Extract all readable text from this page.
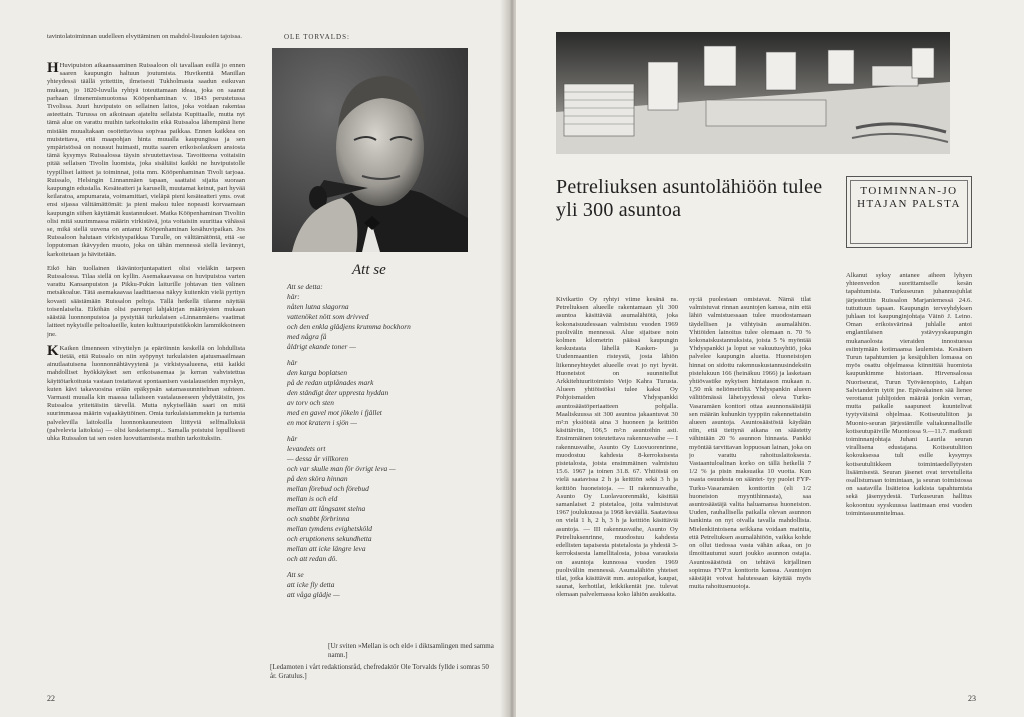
tavintolatoiminnan uudelleen elvyttäminen on mahdol-lisuuksien tajoissa.

H Huvipuiston aikaansaaminen Ruissaloon oli tavallaan esillä jo ennen saaren kaupungin haltuun joutumista. Huvikenttä Manillan yhteydessä täällä yritettiin, ilmeisesti Tukholmasta saadun esikuvan mukaan, jo 1820-luvulla ryhtyä toteuttamaan ideaa, joka on saanut parhaan ilmenemismuotonsa Kööpenhaminan v. 1843 perustetussa Tivolissa. Juuri huvipuisto on sellainen laitos, joka voidaan rakentaa asteettain. Turussa on aikoinaan ajateltu sellaista Kupittaalle, mutta nyt tämä alue on varattu muihin tarkoituksiin eikä Ruissaloa lähempänä liene mistään muualtakaan osoitettavissa sopivaa paikkaa. Ennen kaikkea on muistettava, että maapohjan hinta muualla kaupungissa ja sen ympäristössä on noussut huimasti, mutta saaren erikoisolauksen ansiosta tämä kysymys Ruissalossa täysin sivuutettavissa. Tavoitteena voitaisiin pitää sellaisen Tivolin luomista, joka sisältäisi kaikki ne huvipuistolle tyypilliset laitteet ja toiminnat, joita mm. Kööpenhaminan Tivoli tarjoaa. Ruissalo, Helsingin Linnanmäen tapaan, saattaisi sijaita suoraan kaupungin edustalla. Kesäteatteri ja karuselli, muutamat keinut, pari hyvää keilaratoa, ampumarata, voimamittari, vieläpä pieni kesäteatteri yms. ovat ensi sijassa välttämättömät: ja pieni maksu tulee nopeasti korvaamaan kaupungin siihen käyttämät kustannukset. Matka Kööpenhaminan Tivoliin olisi mitä suurimmassa määrin virkistävä, jota voitaisiin suurittaa vähässä se, mikä siellä uuvena on antanut Kööpenhaminan kesähuvipaikan. Jos Ruissaloon halutaan virkistyspaikkaa Turulle, on välttämätöntä, että -se lopputoman ikävyyden muoto, joka on tähän mennessä siellä levännyt, karkoitetaan ja hävitetään.

Eikö hän tuollainen ikäväntorjuntapatteri olisi vieläkin tarpeen Ruissalossa. Tilaa siellä on kyllin. Asemakaavassa on huvipuistoa varten varattu Kansanpuiston ja Pikku-Pukin laiturille johtavan tien välinen metsäkoalue. Tätä asemakaavaa laadittaessa näkyy kuitenkin vielä pyrityn kovasti säästämään Ruissalon peltoja. Tällä hetkellä tilanne näyttää toisenlaiselta. Eiköhän olisi parempi lahjakirjan määräysten mukaan säästää luonnonpuistoa ja pystyttää turkulaisen »Linnanmäen« vaatimat laitteet nykyisille peltoalueille, kuten kulttuuripuistikkokin lammikkoineen jne.

K Kaiken ilmenneen viivyttelyn ja epäröinnin keskellä on lohdullista tietää, että Ruissalo on niin syöpynyt turkulaisten ajatusmaailmaan ainutlaatuisena luonnonnähtävyytenä ja virkistysalueena, että kaikki mahdolliset hyökkäykset sen erikoisasemaa ja kerran vahvistettua käyttötarkoitusta vastaan tostattavat spontaanisen vastalauseiden myrskyn, kuten kävi takavuosina erään epäkypsän satamasuunnitelman suhteen. Varmasti muualla kin maassa tallaiseen vastalauseeseen yhdyttäisiin, jos Ruissaloa yritettäisiin tärvellä. Mutta nykyisellään saari on mitä suurimmassa määrin vajaakäyttöinen. Omia turkulaisiammekin ja turismia palvelevilla laitoksilla luonnonkauneuteen liittyviä selfmalluksiä (palvelevia laitoksia) — olisi keskeisempi... Samalla poistuisi lopullisesti uhka Ruissalon tai sen osien luovuttamisesta muihin tarkoituksiin.

OLE TORVALDS:
Att se
Att se detta:
här:
nåten lutna slagorna
vattenöket nött som drivved
och den enkla glädjens krumma bockhorn
med några få
åldrigt ekande toner —
här
den karga boplatsen
på de redan utplånades mark
den ständigt åter uppresta hyddan
av torv och sten
med en gavel mot jökeln i fjället
en mot kratern i sjön —
här
levandets ort
— dessa år villkoren
och var skulle man för övrigt leva —
på den sköra hinnan
mellan förebud och förebud
mellan is och eld
mellan att långsamt stelna
och snabbt förbrinna
mellan tymdens evighetsköld
och eruptionens sekundhetta
mellan att icke längre leva
och att redan dö.
Att se
att icke fly detta
att våga glädje —
[Ur sviten »Mellan is och eld« i diktsamlingen med samma namn.]
[Ledamoten i vårt redaktionsråd, chefredaktör Ole Torvalds fyllde i somras 50 år. Gratulus.]
22
Petreliuksen asuntolähiöön tulee
yli 300 asuntoa
TOIMINNAN-JOHTAJAN PALSTA

Kivikartio Oy ryhtyi viime kesänä ns. Petreliuksen alueelle rakentamaan yli 300 asuntoa käsittävää asumalähiötä, joka kokonaisuudessaan valmistuu vuoden 1969 puolivälin mennessä. Alue sijaitsee noin kolmen kilometrin päässä kaupungin keskustasta lähellä Kasken- ja Uudenmaantien risteystä, josta lähiön liikenneyhteydet alueelle ovat jo nyt hyvät. Huoneistot on suunnitellut Arkkitehtuuritoimisto Veijo Kahra Turusta. Alueen yhtiöistöksi tulee kaksi Oy Pohjoismaiden Yhdyspankki asuntosäästöperiaatteen pohjalla. Maaliskuussa sit 300 asuntoa jakaantuvat 30 m²:n yksiöistä aina 3 huoneen ja keittiön käsittäviin, 106,5 m²:n asuntoihin asti. Ensimmäinen toteutettava rakennusvaihe — I rakennusvaihe, Asunto Oy Luovuorenrinne, muodostuu kahdesta 8-kerroksisesta pistetalosta, joista ensimmäinen valmistuu 15.6. 1967 ja toinen 31.8. 67. Yhtiöistä on vielä saatavissa 2 h ja keittiön sekä 3 h ja keittiön huoneistoja. — II rakennusvaihe, Asunto Oy Luolavuorenmäki, käsittää samanlaiset 2 pistetaloa, joita valmistuvat 1967 joulukuussa ja 1968 keväällä. Saatavissa on vielä 1 h, 2 h, 3 h ja keittiön käsittäviä asuntoja. — III rakennusvaihe, Asunto Oy Petreliuksenrinne, muodostuu kahdesta edellisten tapaisesta pistetalosta ja yhdestä 3-kerroksisesta lamellitalosta, joissa varauksia on asuntoja kunnossa vuoden 1969 puoliväliin mennessä. Asumalähiön yhteiset tilat, jotka käsittävät mm. autopaikat, kaupat, saunat, kerhotilat, leikkikentät jne. tulevat olemaan palvelemassa koko lähiön asukkaita.

oy:tä puolestaan omistavat. Nämä tilat valmistuvat rinnan asuntojen kanssa, niin että lähiö valmistuessaan tulee muodostamaan täydellisen ja viihtyisän asumalähiön. Yhtiöiden lainoitus tulee olemaan n. 70 % kokonaiskustannuksista, joista 5 % myöntää Yhdyspankki ja loput se vakuutusyhtiö, joka palvelee kaupungin aluetta. Huoneistojen hinnat on sidottu rakennuskustannusindeksiin pistelukuun 166 (heinäkuu 1966) ja lasketaan yhtiövastike nykyisen hintatason mukaan n. 1,50 mk neliömetriltä. Yhdyspankin alueen välittömässä läheisyydessä oleva Turku-Vasaramäen konttori ottaa asunnonsäästäjiä sen määrän kuhunkin tyyppiin rakennettaisiin alueen asuntoja. Asuntosäästöstä käydään niin, että tiettynä aikana on säästetty vähintään 20 % asunnon hinnasta. Pankki myöntää tarvittavan loppuosan lainan, joka on jo varattu rahoituslaitoksesta. Vastaantuloalinan korko on tällä hetkellä 7 1/2 % ja pisin maksuaika 10 vuotta. Kun osasta osuudesta on sääntet- tyy puolet FYP-Turku-Vasaramäen konttoriin (eli 1/2 huoneiston myyntihinnasta), saa asuntosäästäjä valita haluamansa huoneiston. Uuden, rauhallisella paikalla olevan asunnon hankinta on nyt oivalla tavalla mahdollista. Mielenkiintoisena seikkana voidaan mainita, että Petreliuksen asumalähiöön, vaikka kohde on ollut tiedossa vasta vähän aikaa, on jo ilmoittautunut suuri joukko asunnon ostajia. Asuntosäästöstä on tehtävä kirjallinen sopimus FYP:n konttorin kanssa. Asuntojen säästäjät voivat halutessaan käyttää myös muita rahoitusmuotoja.

Alkanut syksy antanee aiheen lyhyen yhteenvedon suorittamiselle kesän tapahtumista. Turkuseuran juhannusjuhlat järjestettiin Ruissalon Marjaniemessä 24.6. tuttuttuun tapaan. Kaupungin terveyhdyksen juhlaan toi kaupunginjohtaja Väinö J. Leino. Oman erikoisvärinsä juhlalle antoi englantilaisen ystävyyskaupungin mukanaolosta vieraiden innostuessa esiintymään kotimaansa laulemista. Kesäisen Turun tapahtumien ja kesäjuhlien lomassa on myös osattu ohjelmassa kiinnittää huomiota kaupunkimme historiaan. Hirvensalossa Nuoriseurat, Turun Työväenopisto, Lahjan Salvianderin tytöt jne. Epävakainen sää lienee verottanut juhlijoiden määrää jonkin verran, mutta paikalle saapuneet kuuntelivat tyytyväisinä ohjelmaa. Kotiseutuliiton ja Muonio-seuran järjestämille valtakunnallisille kotiseutupäiville Muoniossa 9.—11.7. matkusti toiminnanjohtaja Juhani Laurila seuran virallisena edustajana. Kotiseutuliiton kokouksessa tuli esille kysymys kotiseutuliikkeen toimintaedellytysten lisäämisestä. Seuran jäsenet ovat tervetulleita osallistumaan toimintaan, ja seuran toimistossa on saatavilla lisätietoa kaikista tapahtumista sekä jäsenyydestä. Turkuseuran hallitus kokoontuu syyskuussa laatimaan ensi vuoden toimintasuunnitelmaa.

23
